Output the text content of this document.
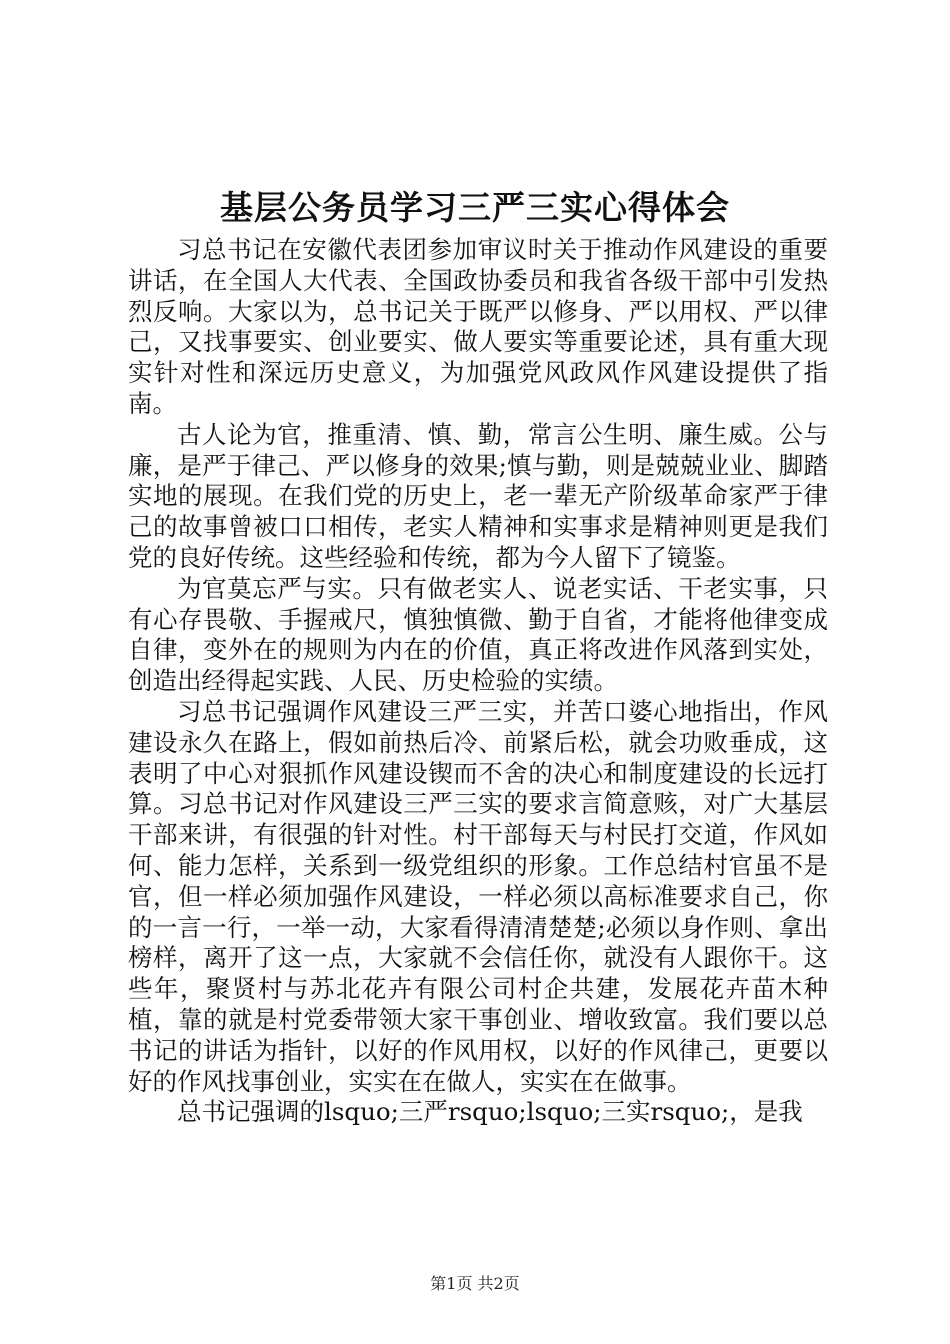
基层公务员学习三严三实心得体会

习总书记在安徽代表团参加审议时关于推动作风建设的重要讲话，在全国人大代表、全国政协委员和我省各级干部中引发热烈反响。大家以为，总书记关于既严以修身、严以用权、严以律己，又找事要实、创业要实、做人要实等重要论述，具有重大现实针对性和深远历史意义，为加强党风政风作风建设提供了指南。

古人论为官，推重清、慎、勤，常言公生明、廉生威。公与廉，是严于律己、严以修身的效果;慎与勤，则是兢兢业业、脚踏实地的展现。在我们党的历史上，老一辈无产阶级革命家严于律己的故事曾被口口相传，老实人精神和实事求是精神则更是我们党的良好传统。这些经验和传统，都为今人留下了镜鉴。

为官莫忘严与实。只有做老实人、说老实话、干老实事，只有心存畏敬、手握戒尺，慎独慎微、勤于自省，才能将他律变成自律，变外在的规则为内在的价值，真正将改进作风落到实处，创造出经得起实践、人民、历史检验的实绩。

习总书记强调作风建设三严三实，并苦口婆心地指出，作风建设永久在路上，假如前热后冷、前紧后松，就会功败垂成，这表明了中心对狠抓作风建设锲而不舍的决心和制度建设的长远打算。习总书记对作风建设三严三实的要求言简意赅，对广大基层干部来讲，有很强的针对性。村干部每天与村民打交道，作风如何、能力怎样，关系到一级党组织的形象。工作总结村官虽不是官，但一样必须加强作风建设，一样必须以高标准要求自己，你的一言一行，一举一动，大家看得清清楚楚;必须以身作则、拿出榜样，离开了这一点，大家就不会信任你，就没有人跟你干。这些年，聚贤村与苏北花卉有限公司村企共建，发展花卉苗木种植，靠的就是村党委带领大家干事创业、增收致富。我们要以总书记的讲话为指针，以好的作风用权，以好的作风律己，更要以好的作风找事创业，实实在在做人，实实在在做事。

总书记强调的lsquo;三严rsquo;lsquo;三实rsquo;，是我

第1页 共2页
